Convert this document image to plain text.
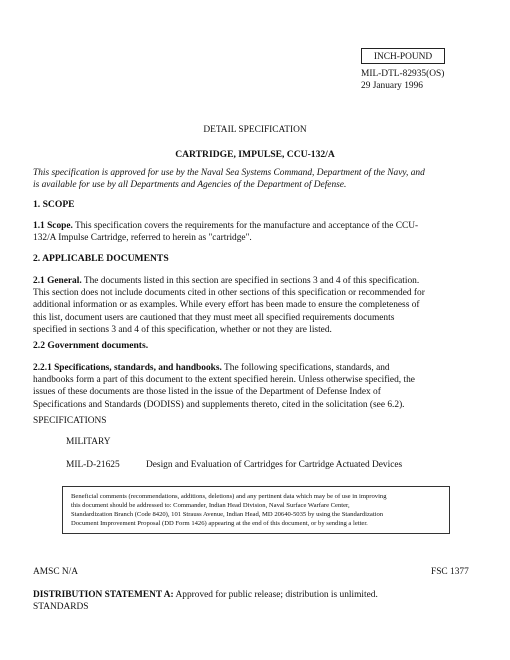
INCH-POUND
MIL-DTL-82935(OS)
29 January 1996
DETAIL SPECIFICATION
CARTRIDGE, IMPULSE, CCU-132/A

This specification is approved for use by the Naval Sea Systems Command, Department of the Navy, and

is available for use by all Departments and Agencies of the Department of Defense.

1. SCOPE

1.1 Scope. This specification covers the requirements for the manufacture and acceptance of the CCU-

132/A Impulse Cartridge, referred to herein as "cartridge".

2. APPLICABLE DOCUMENTS

2.1 General. The documents listed in this section are specified in sections 3 and 4 of this specification.

This section does not include documents cited in other sections of this specification or recommended for

additional information or as examples. While every effort has been made to ensure the completeness of

this list, document users are cautioned that they must meet all specified requirements documents

specified in sections 3 and 4 of this specification, whether or not they are listed.

2.2 Government documents.

2.2.1 Specifications, standards, and handbooks. The following specifications, standards, and

handbooks form a part of this document to the extent specified herein. Unless otherwise specified, the

issues of these documents are those listed in the issue of the Department of Defense Index of

Specifications and Standards (DODISS) and supplements thereto, cited in the solicitation (see 6.2).

SPECIFICATIONS
MILITARY
MIL-D-21625	Design and Evaluation of Cartridges for Cartridge Actuated Devices

Beneficial comments (recommendations, additions, deletions) and any pertinent data which may be of use in improving

this document should be addressed to: Commander, Indian Head Division, Naval Surface Warfare Center,

Standardization Branch (Code 8420), 101 Strauss Avenue, Indian Head, MD 20640-5035 by using the Standardization

Document Improvement Proposal (DD Form 1426) appearing at the end of this document, or by sending a letter.

AMSC N/A	FSC 1377

DISTRIBUTION STATEMENT A: Approved for public release; distribution is unlimited.

STANDARDS
